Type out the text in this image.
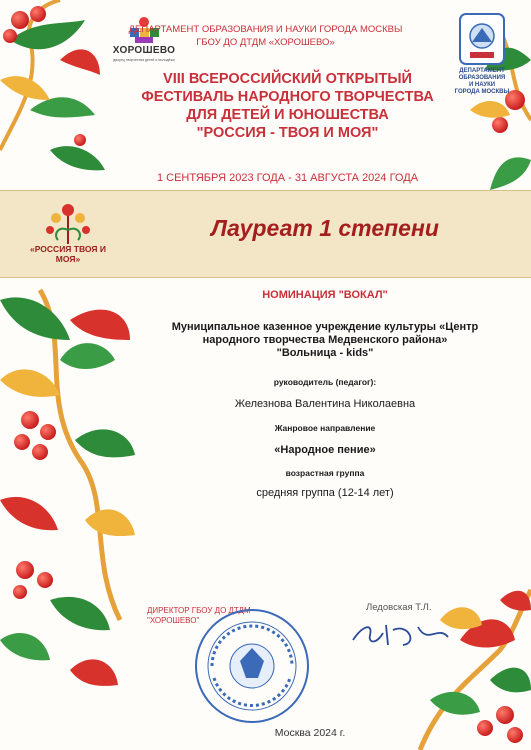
ХОРОШЕВО
дворец творчества детей и молодёжи
ДЕПАРТАМЕНТ ОБРАЗОВАНИЯ И НАУКИ ГОРОДА МОСКВЫ
ГБОУ ДО ДТДМ «ХОРОШЕВО»
ДЕПАРТАМЕНТ
ОБРАЗОВАНИЯ
И НАУКИ
ГОРОДА МОСКВЫ
VIII ВСЕРОССИЙСКИЙ ОТКРЫТЫЙ
ФЕСТИВАЛЬ НАРОДНОГО ТВОРЧЕСТВА
ДЛЯ ДЕТЕЙ И ЮНОШЕСТВА
"РОССИЯ - ТВОЯ И МОЯ"
1 СЕНТЯБРЯ 2023 ГОДА - 31 АВГУСТА 2024 ГОДА
«РОССИЯ ТВОЯ И МОЯ»
Лауреат 1 степени
НОМИНАЦИЯ "ВОКАЛ"
Муниципальное казенное учреждение культуры «Центр
народного творчества Медвенского района»
"Вольница - kids"
руководитель (педагог):
Железнова Валентина Николаевна
Жанровое направление
«Народное пение»
возрастная группа
средняя группа (12-14 лет)
ДИРЕКТОР ГБОУ ДО ДТДМ
"ХОРОШЕВО"
Ледовская Т.Л.
Москва 2024 г.
